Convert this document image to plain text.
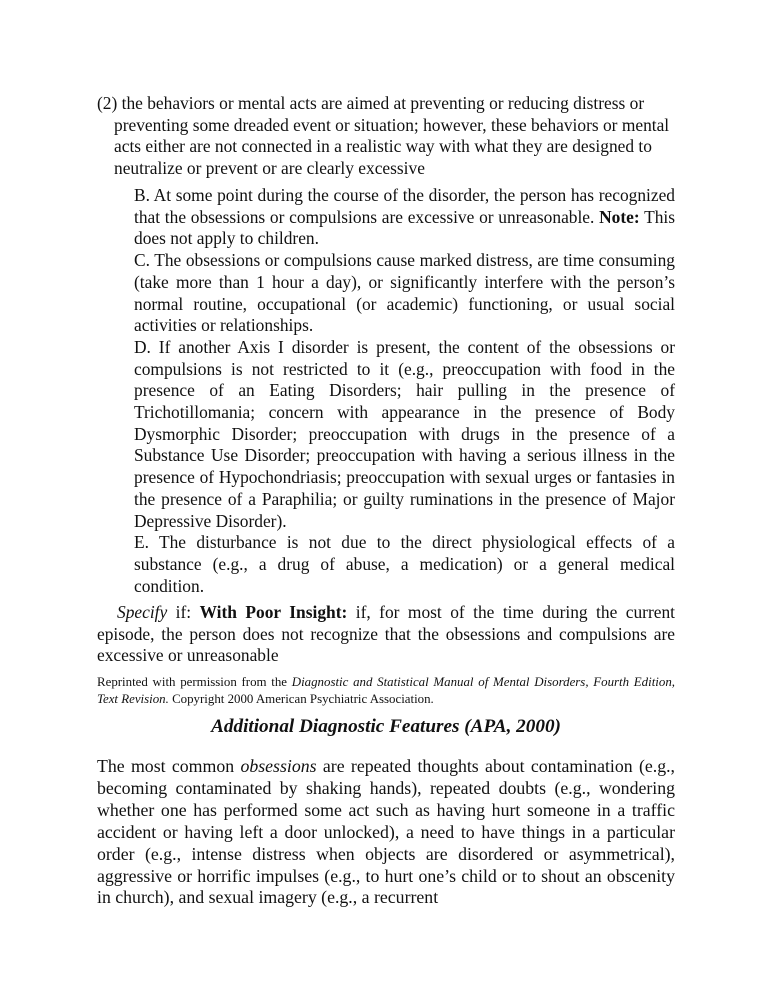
(2) the behaviors or mental acts are aimed at preventing or reducing distress or preventing some dreaded event or situation; however, these behaviors or mental acts either are not connected in a realistic way with what they are designed to neutralize or prevent or are clearly excessive

B. At some point during the course of the disorder, the person has recognized that the obsessions or compulsions are excessive or unreasonable. Note: This does not apply to children.

C. The obsessions or compulsions cause marked distress, are time consuming (take more than 1 hour a day), or significantly interfere with the person’s normal routine, occupational (or academic) functioning, or usual social activities or relationships.

D. If another Axis I disorder is present, the content of the obsessions or compulsions is not restricted to it (e.g., preoccupation with food in the presence of an Eating Disorders; hair pulling in the presence of Trichotillomania; concern with appearance in the presence of Body Dysmorphic Disorder; preoccupation with drugs in the presence of a Substance Use Disorder; preoccupation with having a serious illness in the presence of Hypochondriasis; preoccupation with sexual urges or fantasies in the presence of a Paraphilia; or guilty ruminations in the presence of Major Depressive Disorder).

E. The disturbance is not due to the direct physiological effects of a substance (e.g., a drug of abuse, a medication) or a general medical condition.

Specify if: With Poor Insight: if, for most of the time during the current episode, the person does not recognize that the obsessions and compulsions are excessive or unreasonable

Reprinted with permission from the Diagnostic and Statistical Manual of Mental Disorders, Fourth Edition, Text Revision. Copyright 2000 American Psychiatric Association.

Additional Diagnostic Features (APA, 2000)

The most common obsessions are repeated thoughts about contamination (e.g., becoming contaminated by shaking hands), repeated doubts (e.g., wondering whether one has performed some act such as having hurt someone in a traffic accident or having left a door unlocked), a need to have things in a particular order (e.g., intense distress when objects are disordered or asymmetrical), aggressive or horrific impulses (e.g., to hurt one’s child or to shout an obscenity in church), and sexual imagery (e.g., a recurrent
